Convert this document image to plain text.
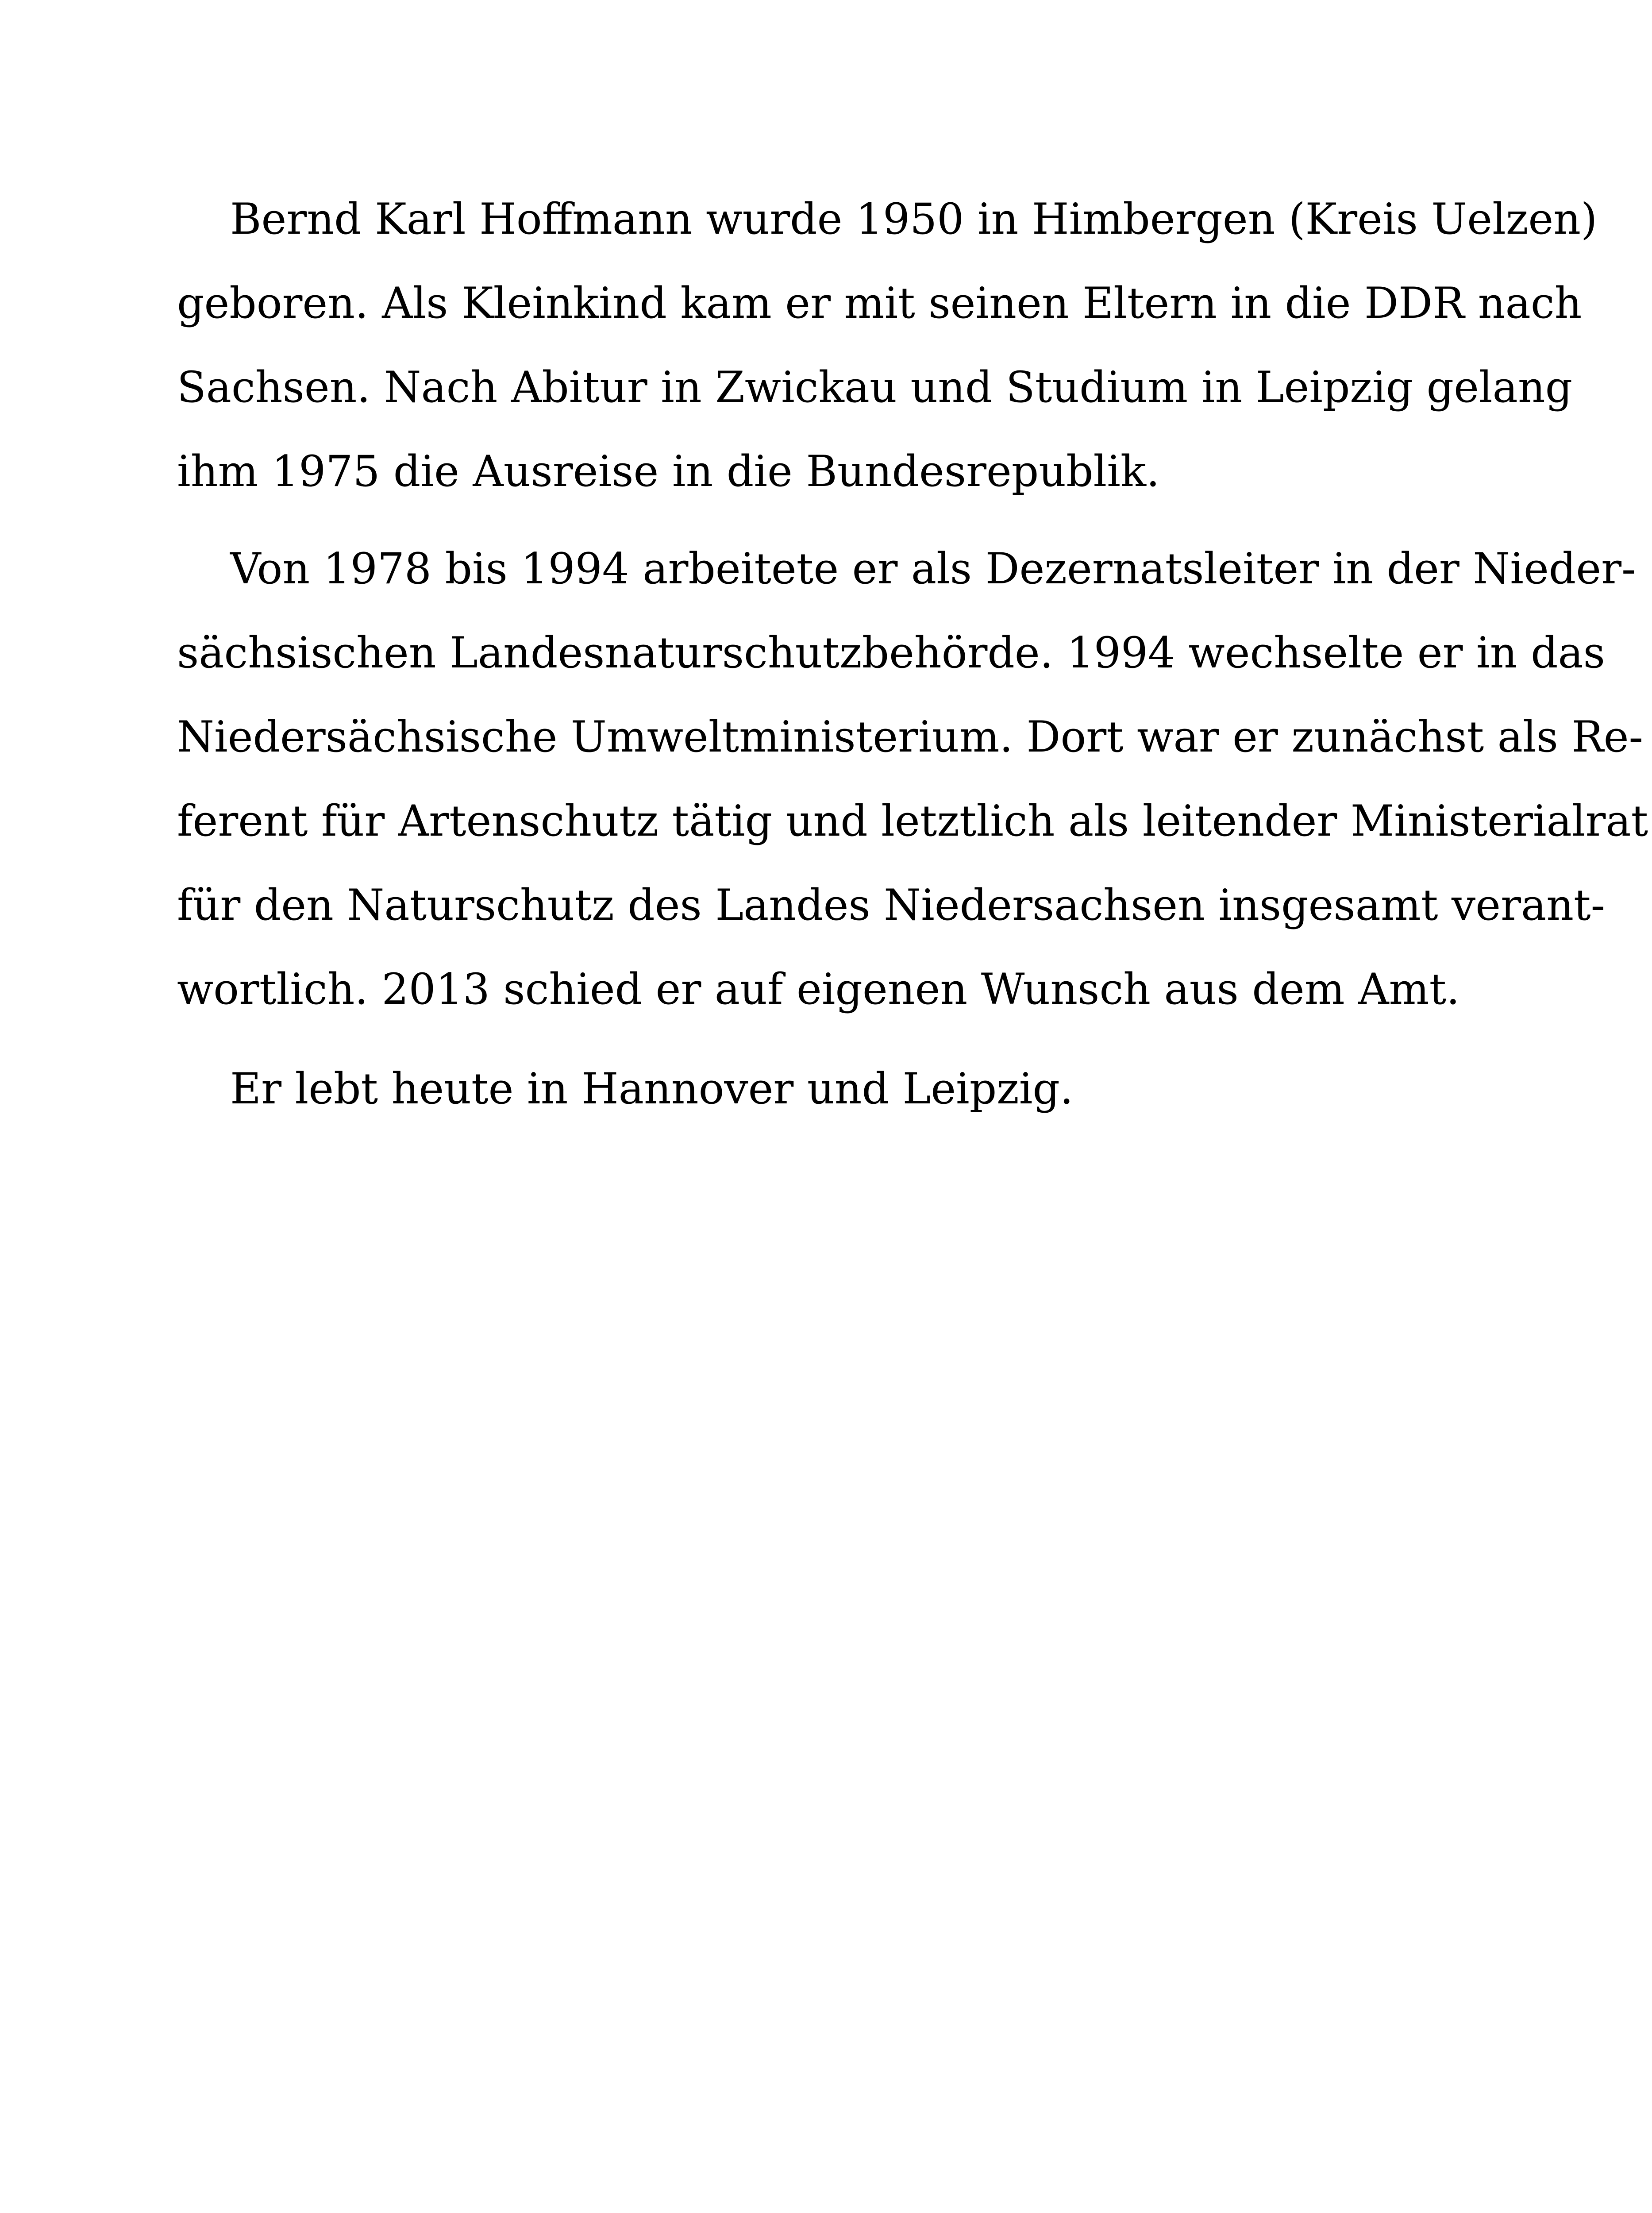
Bernd Karl Hoffmann wurde 1950 in Himbergen (Kreis Uelzen)
geboren. Als Kleinkind kam er mit seinen Eltern in die DDR nach
Sachsen. Nach Abitur in Zwickau und Studium in Leipzig gelang
ihm 1975 die Ausreise in die Bundesrepublik.
Von 1978 bis 1994 arbeitete er als Dezernatsleiter in der Nieder-
sächsischen Landesnaturschutzbehörde. 1994 wechselte er in das
Niedersächsische Umweltministerium. Dort war er zunächst als Re-
ferent für Artenschutz tätig und letztlich als leitender Ministerialrat
für den Naturschutz des Landes Niedersachsen insgesamt verant-
wortlich. 2013 schied er auf eigenen Wunsch aus dem Amt.
Er lebt heute in Hannover und Leipzig.
